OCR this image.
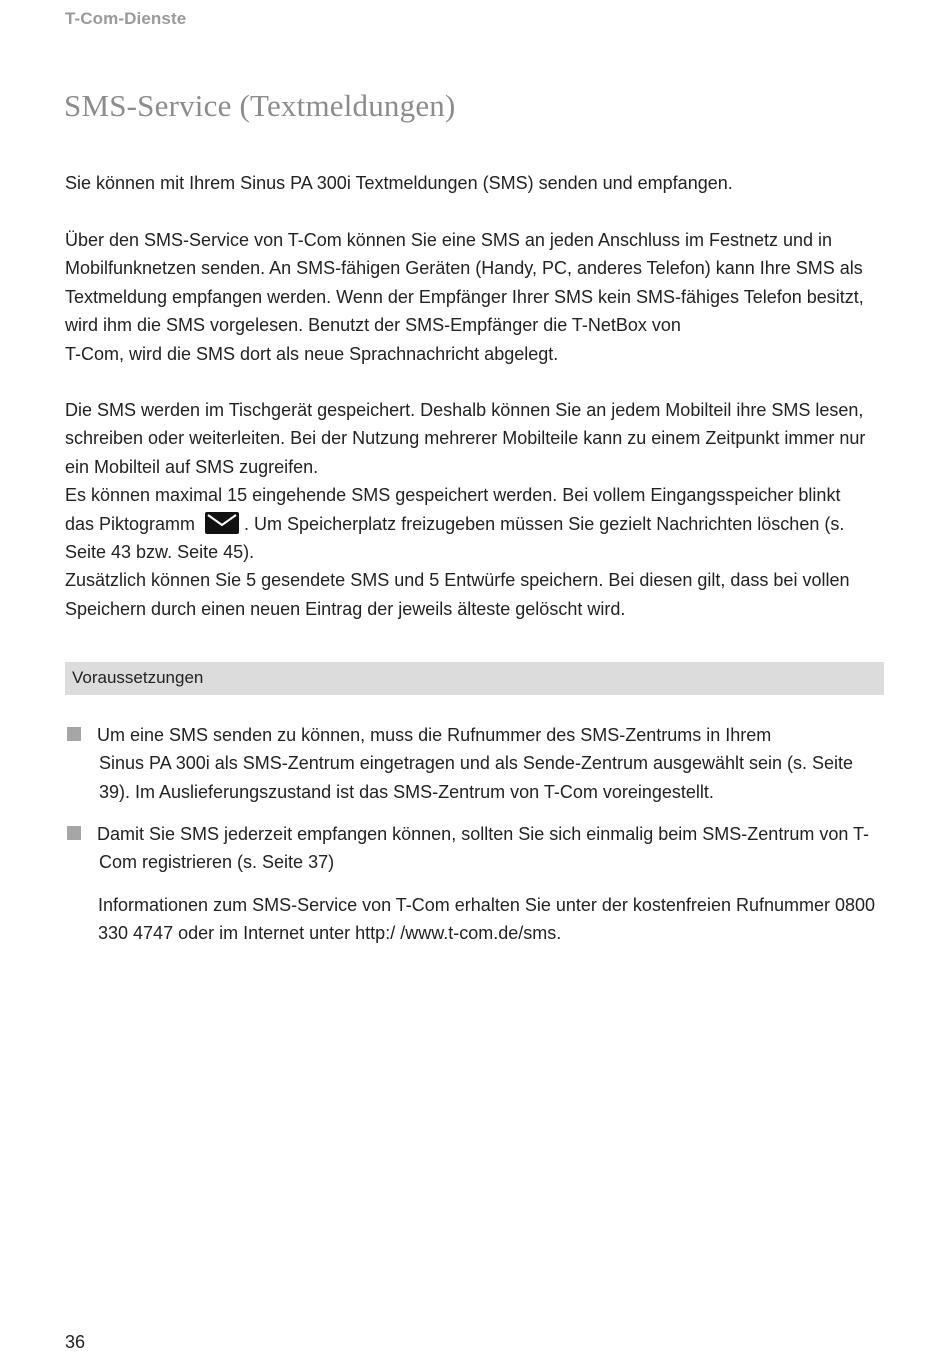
T-Com-Dienste
SMS-Service (Textmeldungen)

Sie können mit Ihrem Sinus PA 300i Textmeldungen (SMS) senden und empfangen.

Über den SMS-Service von T-Com können Sie eine SMS an jeden Anschluss im Festnetz und in
Mobilfunknetzen senden. An SMS-fähigen Geräten (Handy, PC, anderes Telefon) kann Ihre SMS als
Textmeldung empfangen werden. Wenn der Empfänger Ihrer SMS kein SMS-fähiges Telefon besitzt,
wird ihm die SMS vorgelesen. Benutzt der SMS-Empfänger die T-NetBox von
T-Com, wird die SMS dort als neue Sprachnachricht abgelegt.

Die SMS werden im Tischgerät gespeichert. Deshalb können Sie an jedem Mobilteil ihre SMS lesen,
schreiben oder weiterleiten. Bei der Nutzung mehrerer Mobilteile kann zu einem Zeitpunkt immer nur
ein Mobilteil auf SMS zugreifen.
Es können maximal 15 eingehende SMS gespeichert werden. Bei vollem Eingangsspeicher blinkt
das Piktogramm	. Um Speicherplatz freizugeben müssen Sie gezielt Nachrichten löschen (s.
Seite 43 bzw. Seite 45).
Zusätzlich können Sie 5 gesendete SMS und 5 Entwürfe speichern. Bei diesen gilt, dass bei vollen
Speichern durch einen neuen Eintrag der jeweils älteste gelöscht wird.

Voraussetzungen
Um eine SMS senden zu können, muss die Rufnummer des SMS-Zentrums in Ihrem
Sinus PA 300i als SMS-Zentrum eingetragen und als Sende-Zentrum ausgewählt sein (s. Seite
39). Im Auslieferungszustand ist das SMS-Zentrum von T-Com voreingestellt.
Damit Sie SMS jederzeit empfangen können, sollten Sie sich einmalig beim SMS-Zentrum von T-
Com registrieren (s. Seite 37)
Informationen zum SMS-Service von T-Com erhalten Sie unter der kostenfreien Rufnummer 0800
330 4747 oder im Internet unter http:/ /www.t-com.de/sms.
36
